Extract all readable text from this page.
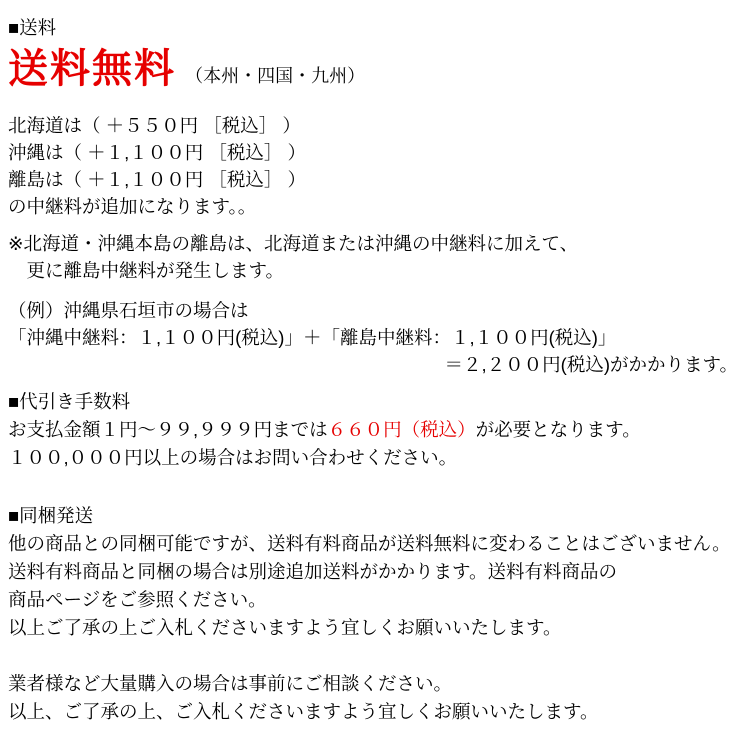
■送料
送料無料 （本州・四国・九州）
北海道は（ ＋５５０円 ［税込］ ）
沖縄は（ ＋１,１００円 ［税込］ ）
離島は（ ＋１,１００円 ［税込］ ）
の中継料が追加になります。。
※北海道・沖縄本島の離島は、北海道または沖縄の中継料に加えて、
　更に離島中継料が発生します。
（例）沖縄県石垣市の場合は
「沖縄中継料：１,１００円(税込)」＋「離島中継料：１,１００円(税込)」
＝２,２００円(税込)がかかります。
■代引き手数料
お支払金額１円〜９９,９９９円までは６６０円（税込）が必要となります。
１００,０００円以上の場合はお問い合わせください。
■同梱発送
他の商品との同梱可能ですが、送料有料商品が送料無料に変わることはございません。
送料有料商品と同梱の場合は別途追加送料がかかります。送料有料商品の
商品ページをご参照ください。
以上ご了承の上ご入札くださいますよう宜しくお願いいたします。
業者様など大量購入の場合は事前にご相談ください。
以上、ご了承の上、ご入札くださいますよう宜しくお願いいたします。
